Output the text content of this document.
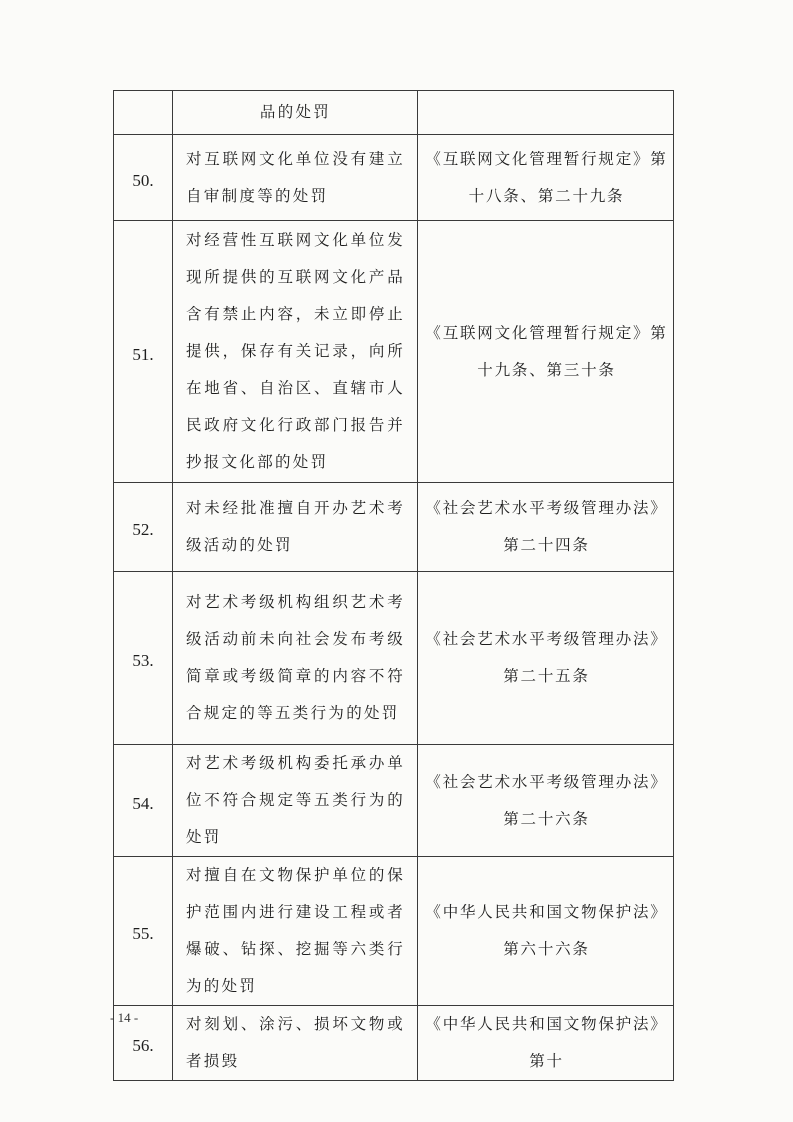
	品的处罚	

50.	对互联网文化单位没有建立自审制度等的处罚	《互联网文化管理暂行规定》第十八条、第二十九条

51.	对经营性互联网文化单位发现所提供的互联网文化产品含有禁止内容，未立即停止提供，保存有关记录，向所在地省、自治区、直辖市人民政府文化行政部门报告并抄报文化部的处罚	《互联网文化管理暂行规定》第十九条、第三十条

52.	对未经批准擅自开办艺术考级活动的处罚	《社会艺术水平考级管理办法》第二十四条

53.	对艺术考级机构组织艺术考级活动前未向社会发布考级简章或考级简章的内容不符合规定的等五类行为的处罚	《社会艺术水平考级管理办法》第二十五条

54.	对艺术考级机构委托承办单位不符合规定等五类行为的处罚	《社会艺术水平考级管理办法》第二十六条

55.	对擅自在文物保护单位的保护范围内进行建设工程或者爆破、钻探、挖掘等六类行为的处罚	《中华人民共和国文物保护法》第六十六条

56.	对刻划、涂污、损坏文物或者损毁	《中华人民共和国文物保护法》第十
- 14 -
